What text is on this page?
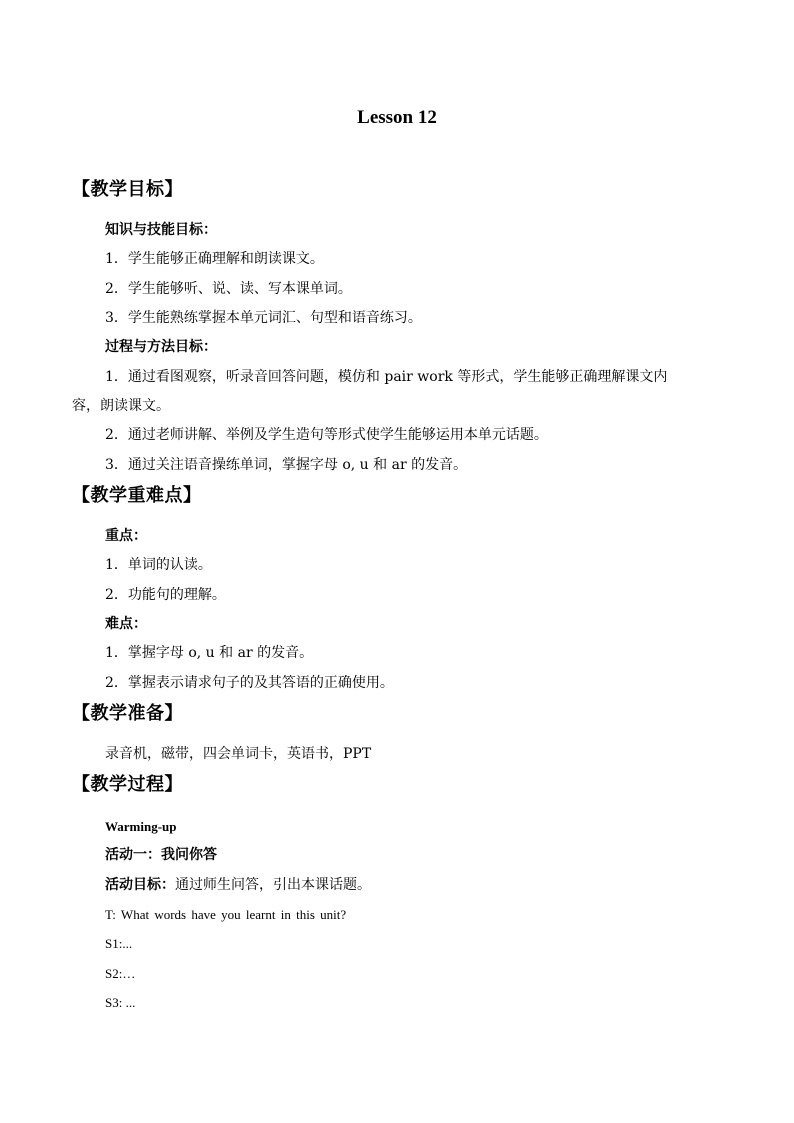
Lesson 12
【教学目标】
知识与技能目标：
1．学生能够正确理解和朗读课文。
2．学生能够听、说、读、写本课单词。
3．学生能熟练掌握本单元词汇、句型和语音练习。
过程与方法目标：
1．通过看图观察，听录音回答问题，模仿和 pair work 等形式，学生能够正确理解课文内
容，朗读课文。
2．通过老师讲解、举例及学生造句等形式使学生能够运用本单元话题。
3．通过关注语音操练单词，掌握字母 o, u 和 ar 的发音。
【教学重难点】
重点：
1．单词的认读。
2．功能句的理解。
难点：
1．掌握字母 o, u 和 ar 的发音。
2．掌握表示请求句子的及其答语的正确使用。
【教学准备】
录音机，磁带，四会单词卡，英语书，PPT
【教学过程】
Warming-up
活动一：我问你答
活动目标：通过师生问答，引出本课话题。
T: What words have you learnt in this unit?
S1:...
S2:…
S3: ...
